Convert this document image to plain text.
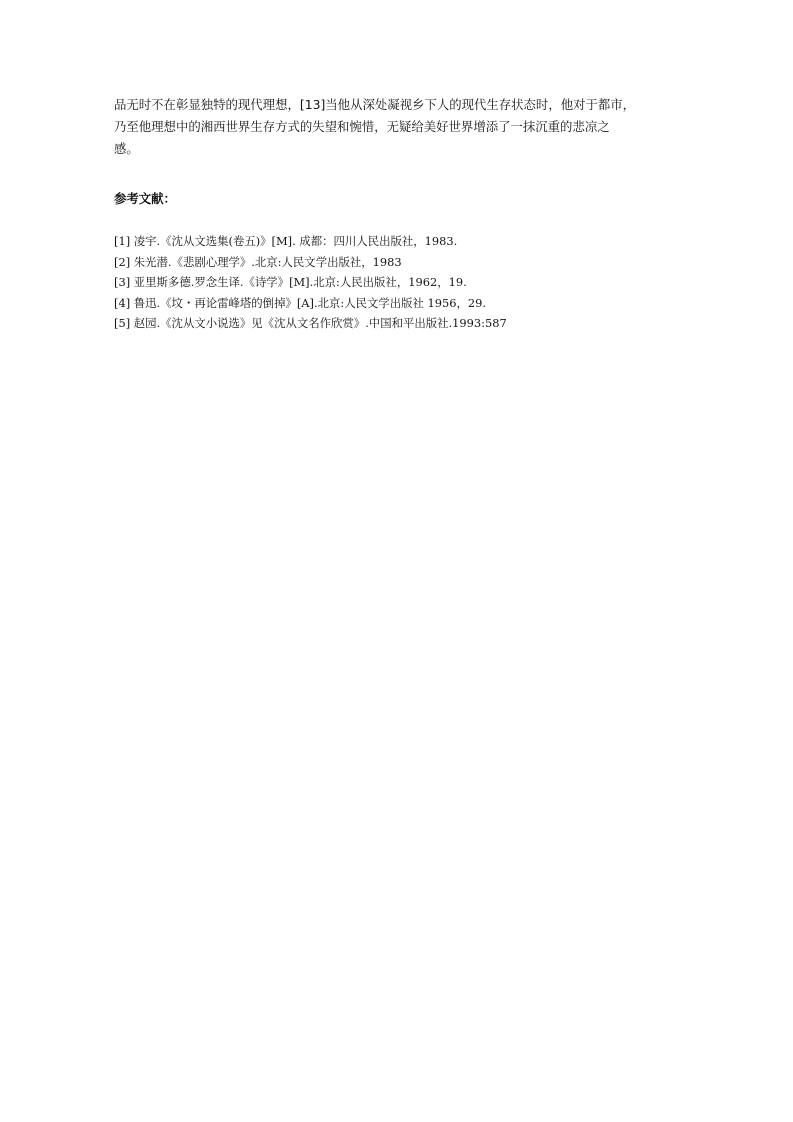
品无时不在彰显独特的现代理想，[13]当他从深处凝视乡下人的现代生存状态时，他对于都市，
乃至他理想中的湘西世界生存方式的失望和惋惜，无疑给美好世界增添了一抹沉重的悲凉之
感。
参考文献：
[1] 凌宇.《沈从文选集(卷五)》[M]. 成都：四川人民出版社，1983.
[2] 朱光潜.《悲剧心理学》.北京:人民文学出版社，1983
[3] 亚里斯多德.罗念生译.《诗学》[M].北京:人民出版社，1962，19.
[4] 鲁迅.《坟・再论雷峰塔的倒掉》[A].北京:人民文学出版社 1956，29.
[5] 赵园.《沈从文小说选》见《沈从文名作欣赏》.中国和平出版社.1993:587
